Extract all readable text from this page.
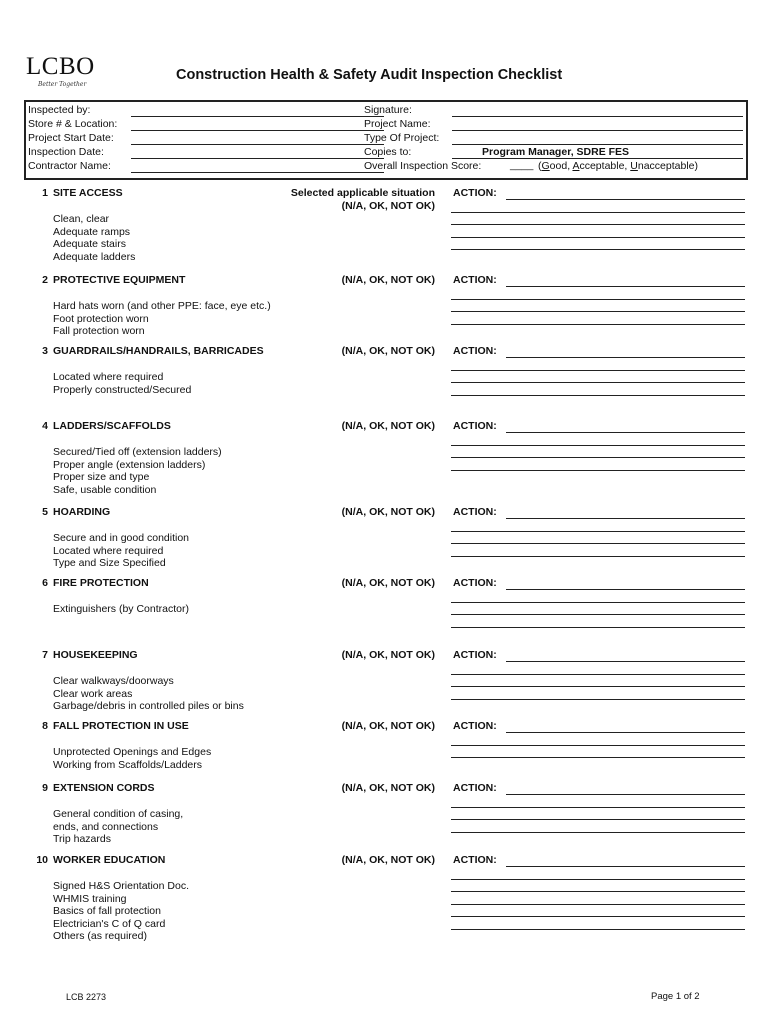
LCBO
Better Together
Construction Health & Safety Audit Inspection Checklist
Inspected by:
Store # & Location:
Project Start Date:
Inspection Date:
Contractor Name:
Signature:
Project Name:
Type Of Project:
Copies to:	Program Manager, SDRE FES
Overall Inspection Score:	____ (Good, Acceptable, Unacceptable)
1 SITE ACCESS	Selected applicable situation
(N/A, OK, NOT OK)
ACTION:
Clean, clear
Adequate ramps
Adequate stairs
Adequate ladders
2 PROTECTIVE EQUIPMENT	(N/A, OK, NOT OK) ACTION:
Hard hats worn (and other PPE: face, eye etc.)
Foot protection worn
Fall protection worn
3 GUARDRAILS/HANDRAILS, BARRICADES	(N/A, OK, NOT OK) ACTION:
Located where required
Properly constructed/Secured
4 LADDERS/SCAFFOLDS	(N/A, OK, NOT OK) ACTION:
Secured/Tied off (extension ladders)
Proper angle (extension ladders)
Proper size and type
Safe, usable condition
5 HOARDING	(N/A, OK, NOT OK) ACTION:
Secure and in good condition
Located where required
Type and Size Specified
6 FIRE PROTECTION	(N/A, OK, NOT OK) ACTION:
Extinguishers (by Contractor)
7 HOUSEKEEPING	(N/A, OK, NOT OK) ACTION:
Clear walkways/doorways
Clear work areas
Garbage/debris in controlled piles or bins
8 FALL PROTECTION IN USE	(N/A, OK, NOT OK) ACTION:
Unprotected Openings and Edges
Working from Scaffolds/Ladders
9 EXTENSION CORDS	(N/A, OK, NOT OK) ACTION:
General condition of casing,
ends, and connections
Trip hazards
10 WORKER EDUCATION	(N/A, OK, NOT OK) ACTION:
Signed H&S Orientation Doc.
WHMIS training
Basics of fall protection
Electrician's C of Q card
Others (as required)
LCB 2273	Page 1 of 2
